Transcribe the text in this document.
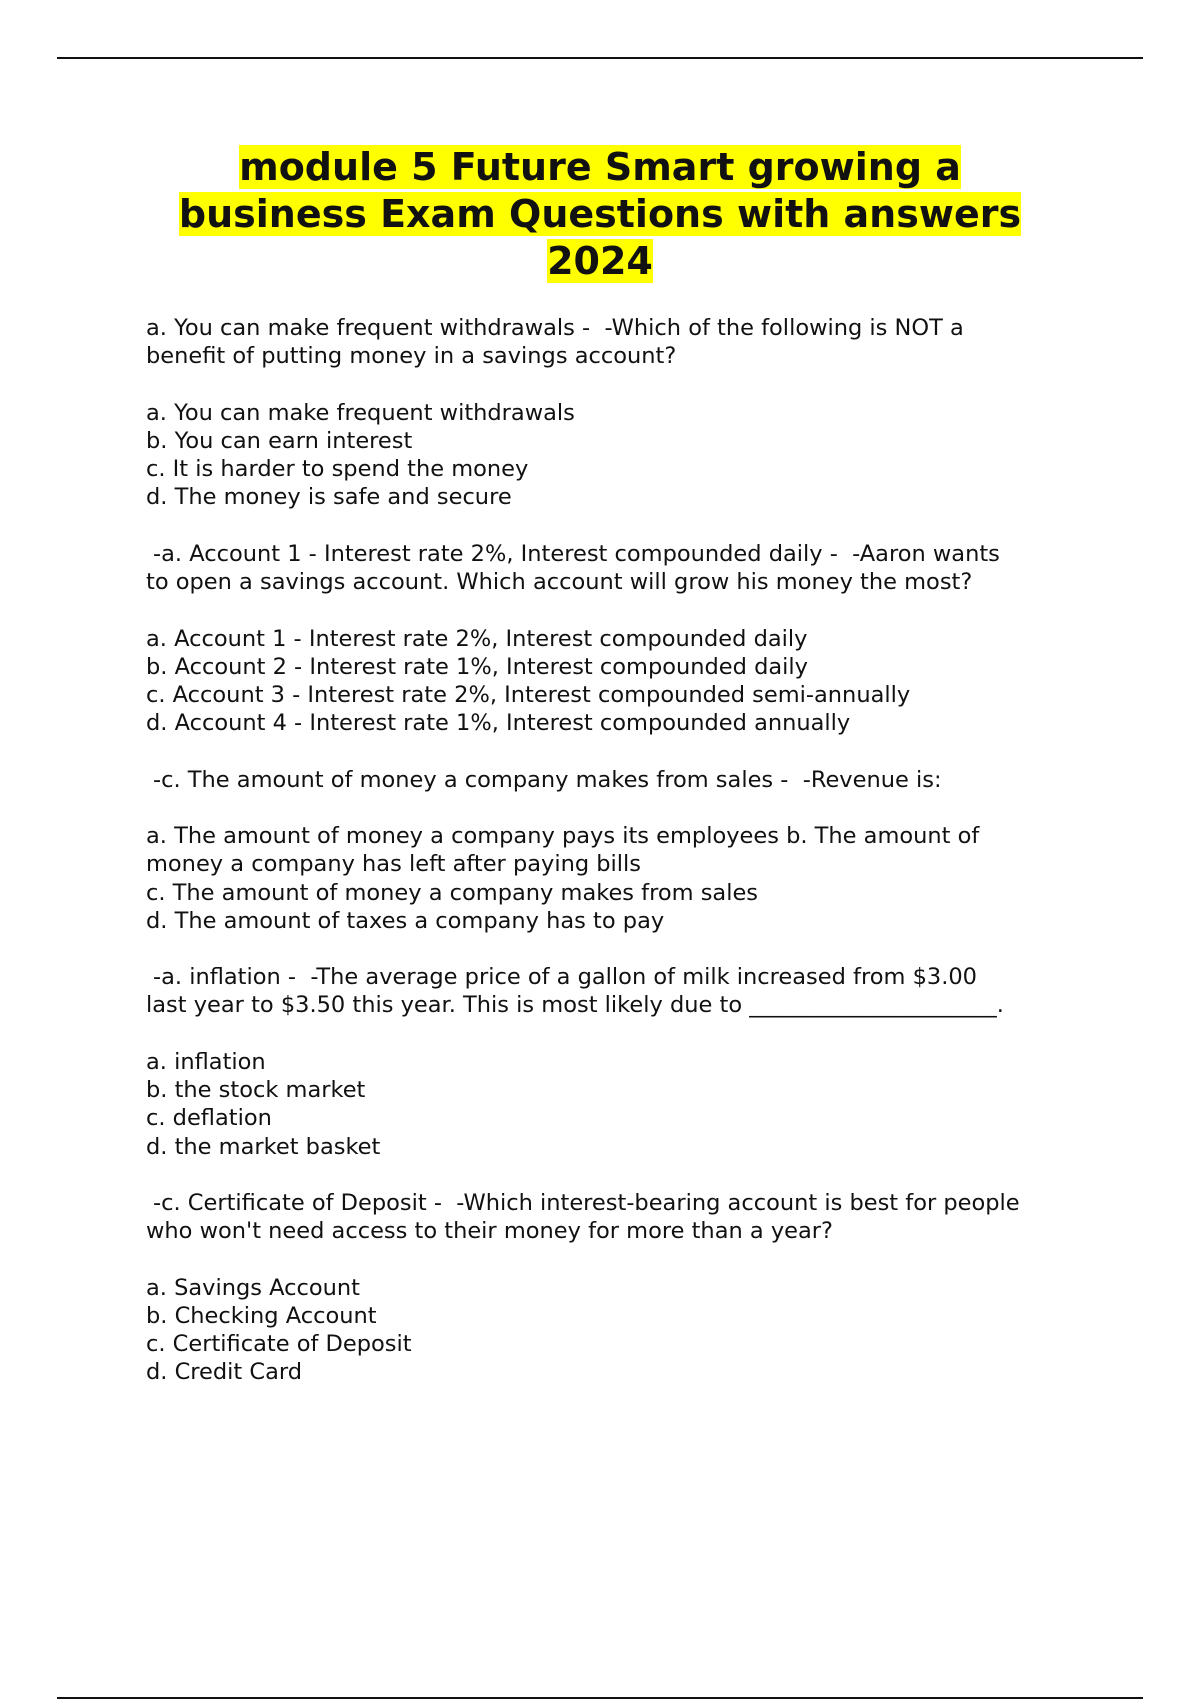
module 5 Future Smart growing a
business Exam Questions with answers
2024
a. You can make frequent withdrawals -  -Which of the following is NOT a
benefit of putting money in a savings account?
a. You can make frequent withdrawals
b. You can earn interest
c. It is harder to spend the money
d. The money is safe and secure
-a. Account 1 - Interest rate 2%, Interest compounded daily -  -Aaron wants
to open a savings account. Which account will grow his money the most?
a. Account 1 - Interest rate 2%, Interest compounded daily
b. Account 2 - Interest rate 1%, Interest compounded daily
c. Account 3 - Interest rate 2%, Interest compounded semi-annually
d. Account 4 - Interest rate 1%, Interest compounded annually
-c. The amount of money a company makes from sales -  -Revenue is:
a. The amount of money a company pays its employees b. The amount of
money a company has left after paying bills
c. The amount of money a company makes from sales
d. The amount of taxes a company has to pay
-a. inflation -  -The average price of a gallon of milk increased from $3.00
last year to $3.50 this year. This is most likely due to ______________________.
a. inflation
b. the stock market
c. deflation
d. the market basket
-c. Certificate of Deposit -  -Which interest-bearing account is best for people
who won't need access to their money for more than a year?
a. Savings Account
b. Checking Account
c. Certificate of Deposit
d. Credit Card
